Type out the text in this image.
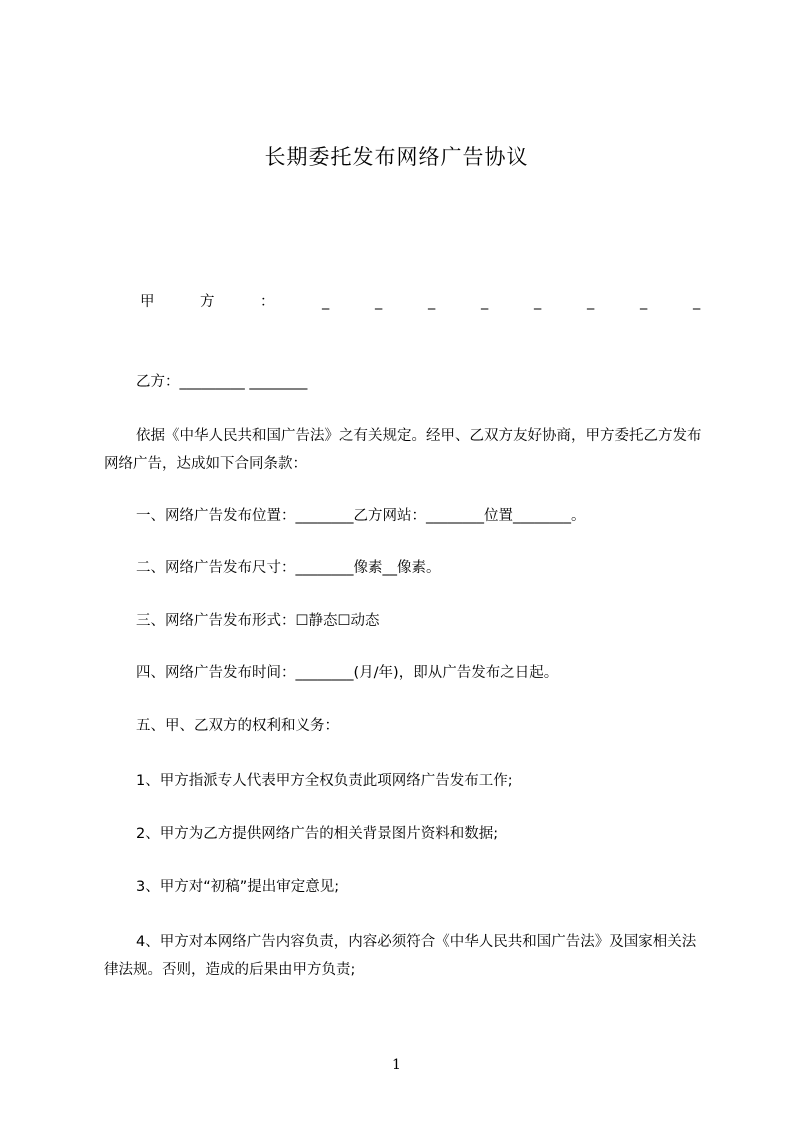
长期委托发布网络广告协议
甲	方	：	_	_	_	_	_	_	_	_
乙方：_________ ________
依据《中华人民共和国广告法》之有关规定。经甲、乙双方友好协商，甲方委托乙方发布网络广告，达成如下合同条款：
一、网络广告发布位置：________乙方网站：________位置________。
二、网络广告发布尺寸：________像素__像素。
三、网络广告发布形式：☐静态☐动态
四、网络广告发布时间：________(月/年)，即从广告发布之日起。
五、甲、乙双方的权利和义务：
1、甲方指派专人代表甲方全权负责此项网络广告发布工作;
2、甲方为乙方提供网络广告的相关背景图片资料和数据;
3、甲方对“初稿”提出审定意见;
4、甲方对本网络广告内容负责，内容必须符合《中华人民共和国广告法》及国家相关法律法规。否则，造成的后果由甲方负责;
1
